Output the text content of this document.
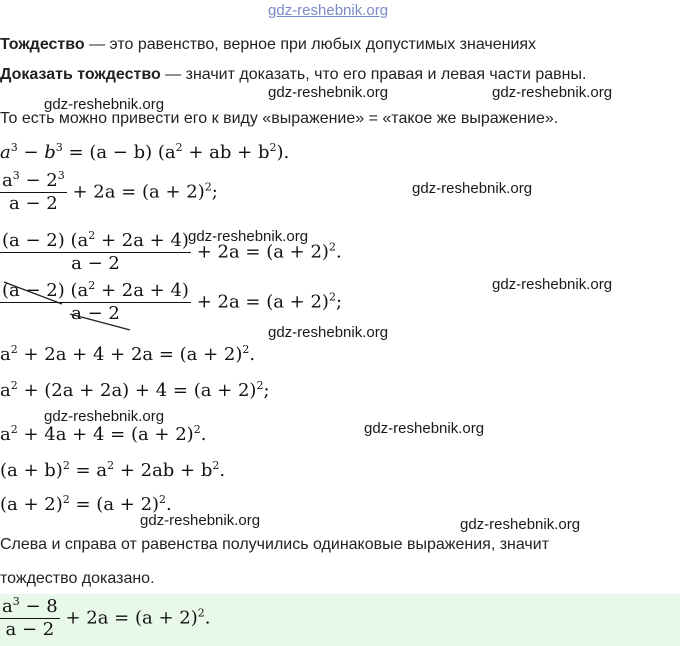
gdz-reshebnik.org
Тождество — это равенство, верное при любых допустимых значениях
Доказать тождество — значит доказать, что его правая и левая части равны.
То есть можно привести его к виду «выражение» = «такое же выражение».
gdz-reshebnik.org
gdz-reshebnik.org	gdz-reshebnik.org
gdz-reshebnik.org
gdz-reshebnik.org
gdz-reshebnik.org
gdz-reshebnik.org
gdz-reshebnik.org
gdz-reshebnik.org
gdz-reshebnik.org	gdz-reshebnik.org
$a^3 - b^3 = (a - b) (a^2$ + ab + $b^2$).
$\frac{a^3 - 2^3}{a - 2} + 2a = (a + 2)^2$;
$\frac{(a - 2) (a^2 + 2a + 4)}{a - 2} + 2a = (a + 2)^2$.
$\frac{(a - 2) (a^2 + 2a + 4)}{a - 2} + 2a = (a + 2)^2$;
$a^2 + 2a + 4 + 2a = (a + 2)^2$.
$a^2 + (2a + 2a) + 4 = (a + 2)^2$;
$a^2 + 4a + 4 = (a + 2)^2$.
$(a + b)^2 = a^2 + 2ab + b^2$.
$(a + 2)^2 = (a + 2)^2$.
Слева и справа от равенства получились одинаковые выражения, значит
тождество доказано.
$\frac{a^3 - 8}{a - 2} + 2a = (a + 2)^2$.
